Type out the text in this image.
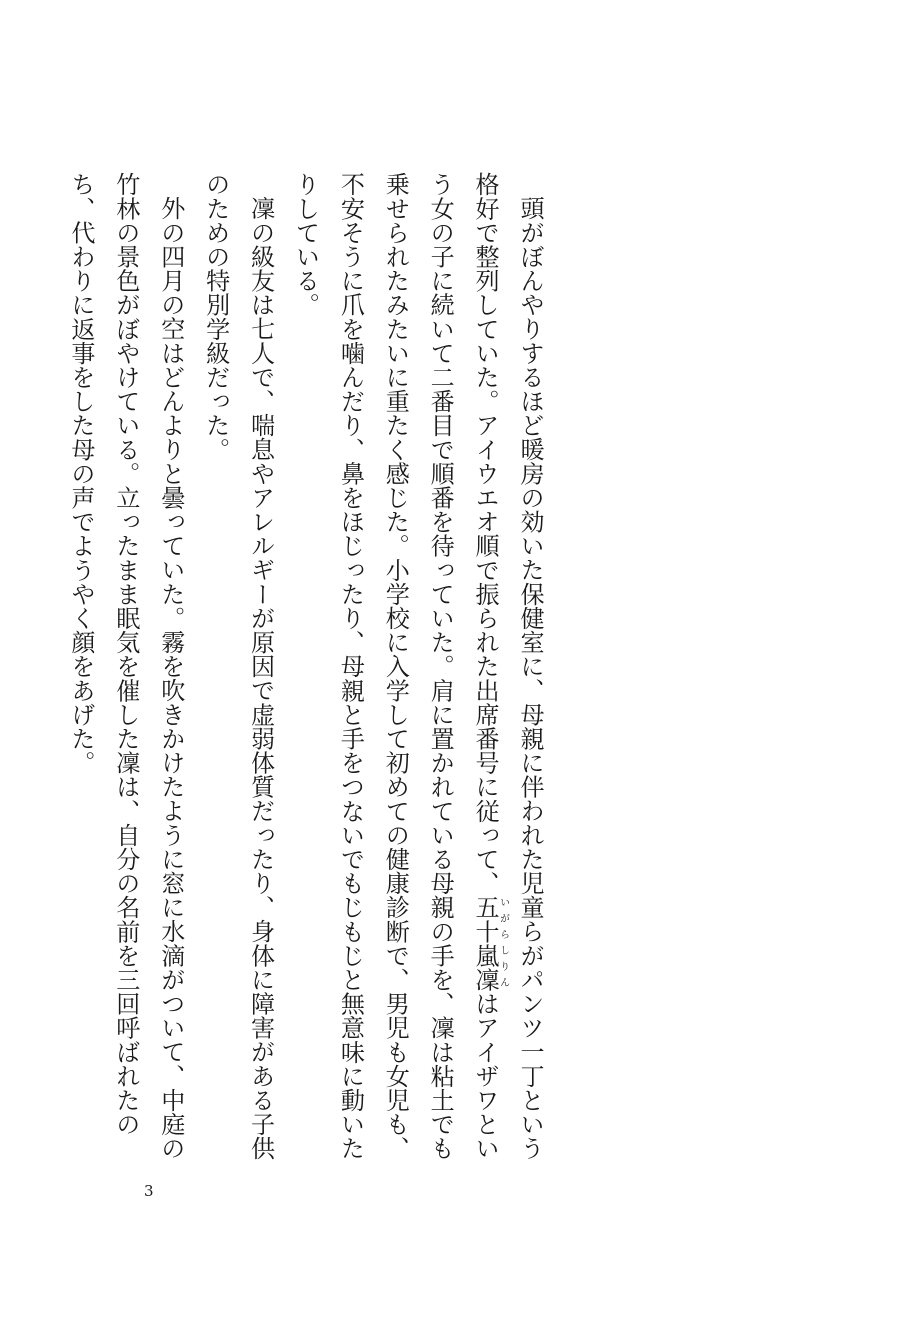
頭がぼんやりするほど暖房の効いた保健室に、母親に伴われた児童らがパンツ一丁という格好で整列していた。アイウエオ順で振られた出席番号に従って、五十嵐凜いがらしりんはアイザワという女の子に続いて二番目で順番を待っていた。肩に置かれている母親の手を、凜は粘土でも乗せられたみたいに重たく感じた。小学校に入学して初めての健康診断で、男児も女児も、不安そうに爪を噛んだり、鼻をほじったり、母親と手をつないでもじもじと無意味に動いたりしている。

凜の級友は七人で、喘息やアレルギーが原因で虚弱体質だったり、身体に障害がある子供のための特別学級だった。

外の四月の空はどんよりと曇っていた。霧を吹きかけたように窓に水滴がついて、中庭の竹林の景色がぼやけている。立ったまま眠気を催した凜は、自分の名前を三回呼ばれたのち、代わりに返事をした母の声でようやく顔をあげた。

3
